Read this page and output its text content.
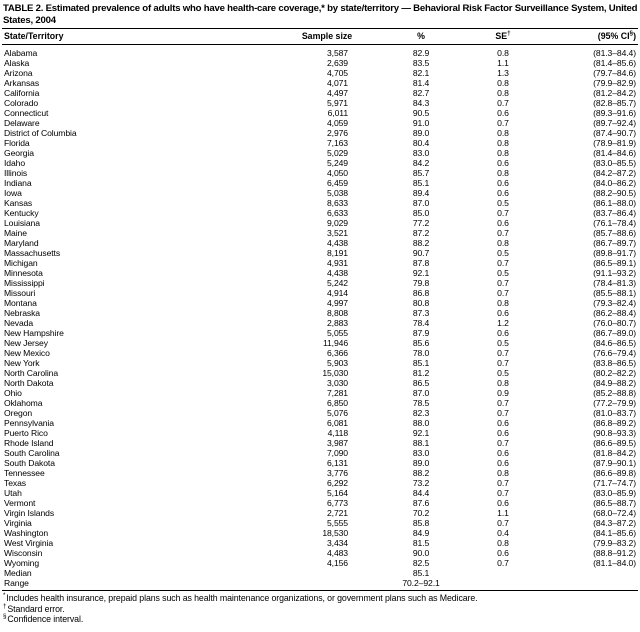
TABLE 2. Estimated prevalence of adults who have health-care coverage,* by state/territory — Behavioral Risk Factor Surveillance System, United States, 2004
State/Territory	Sample size	%	SE†	(95% CI§)
Alabama	3,587	82.9	0.8	(81.3–84.4)
Alaska	2,639	83.5	1.1	(81.4–85.6)
Arizona	4,705	82.1	1.3	(79.7–84.6)
Arkansas	4,071	81.4	0.8	(79.9–82.9)
California	4,497	82.7	0.8	(81.2–84.2)
Colorado	5,971	84.3	0.7	(82.8–85.7)
Connecticut	6,011	90.5	0.6	(89.3–91.6)
Delaware	4,059	91.0	0.7	(89.7–92.4)
District of Columbia	2,976	89.0	0.8	(87.4–90.7)
Florida	7,163	80.4	0.8	(78.9–81.9)
Georgia	5,029	83.0	0.8	(81.4–84.6)
Idaho	5,249	84.2	0.6	(83.0–85.5)
Illinois	4,050	85.7	0.8	(84.2–87.2)
Indiana	6,459	85.1	0.6	(84.0–86.2)
Iowa	5,038	89.4	0.6	(88.2–90.5)
Kansas	8,633	87.0	0.5	(86.1–88.0)
Kentucky	6,633	85.0	0.7	(83.7–86.4)
Louisiana	9,029	77.2	0.6	(76.1–78.4)
Maine	3,521	87.2	0.7	(85.7–88.6)
Maryland	4,438	88.2	0.8	(86.7–89.7)
Massachusetts	8,191	90.7	0.5	(89.8–91.7)
Michigan	4,931	87.8	0.7	(86.5–89.1)
Minnesota	4,438	92.1	0.5	(91.1–93.2)
Mississippi	5,242	79.8	0.7	(78.4–81.3)
Missouri	4,914	86.8	0.7	(85.5–88.1)
Montana	4,997	80.8	0.8	(79.3–82.4)
Nebraska	8,808	87.3	0.6	(86.2–88.4)
Nevada	2,883	78.4	1.2	(76.0–80.7)
New Hampshire	5,055	87.9	0.6	(86.7–89.0)
New Jersey	11,946	85.6	0.5	(84.6–86.5)
New Mexico	6,366	78.0	0.7	(76.6–79.4)
New York	5,903	85.1	0.7	(83.8–86.5)
North Carolina	15,030	81.2	0.5	(80.2–82.2)
North Dakota	3,030	86.5	0.8	(84.9–88.2)
Ohio	7,281	87.0	0.9	(85.2–88.8)
Oklahoma	6,850	78.5	0.7	(77.2–79.9)
Oregon	5,076	82.3	0.7	(81.0–83.7)
Pennsylvania	6,081	88.0	0.6	(86.8–89.2)
Puerto Rico	4,118	92.1	0.6	(90.8–93.3)
Rhode Island	3,987	88.1	0.7	(86.6–89.5)
South Carolina	7,090	83.0	0.6	(81.8–84.2)
South Dakota	6,131	89.0	0.6	(87.9–90.1)
Tennessee	3,776	88.2	0.8	(86.6–89.8)
Texas	6,292	73.2	0.7	(71.7–74.7)
Utah	5,164	84.4	0.7	(83.0–85.9)
Vermont	6,773	87.6	0.6	(86.5–88.7)
Virgin Islands	2,721	70.2	1.1	(68.0–72.4)
Virginia	5,555	85.8	0.7	(84.3–87.2)
Washington	18,530	84.9	0.4	(84.1–85.6)
West Virginia	3,434	81.5	0.8	(79.9–83.2)
Wisconsin	4,483	90.0	0.6	(88.8–91.2)
Wyoming	4,156	82.5	0.7	(81.1–84.0)
Median		85.1		
Range		70.2–92.1		
*Includes health insurance, prepaid plans such as health maintenance organizations, or government plans such as Medicare.
†Standard error.
§Confidence interval.
